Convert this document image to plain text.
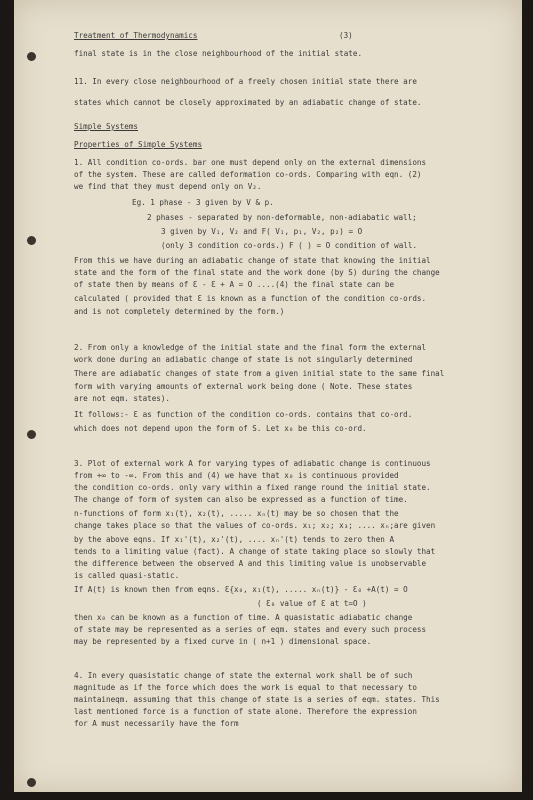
Treatment of Thermodynamics	(3)
final state is in the close neighbourhood of the initial state.
11. In every close neighbourhood of a freely chosen initial state there are
states which cannot be closely approximated by an adiabatic change of state.
Simple Systems
Properties of Simple Systems
1. All condition co-ords. bar one must depend only on the external dimensions
of the system. These are called deformation co-ords. Comparing with eqn. (2)
we find that they must depend only on V₂.
Eg. 1 phase - 3 given by V & p.
2 phases - separated by non-deformable, non-adiabatic wall;
3 given by V₁, V₂ and F( V₁, p₁, V₂, p₂) = O
(only 3 condition co-ords.) F ( ) = O condition of wall.
From this we have during an adiabatic change of state that knowing the initial
state and the form of the final state and the work done (by S) during the change
of state then by means of Ɛ - Ɛ + A = O ....(4) the final state can be
calculated ( provided that Ɛ is known as a function of the condition co-ords.
and is not completely determined by the form.)
2. From only a knowledge of the initial state and the final form the external
work done during an adiabatic change of state is not singularly determined
There are adiabatic changes of state from a given initial state to the same final
form with varying amounts of external work being done ( Note. These states
are not eqm. states).
It follows:- Ɛ as function of the condition co-ords. contains that co-ord.
which does not depend upon the form of S. Let x₀ be this co-ord.
3. Plot of external work A for varying types of adiabatic change is continuous
from +∞ to -∞. From this and (4) we have that x₀ is continuous provided
the condition co-ords. only vary within a fixed range round the initial state.
The change of form of system can also be expressed as a function of time.
n-functions of form x₁(t), x₂(t), ..... xₙ(t) may be so chosen that the
change takes place so that the values of co-ords. x₁; x₂; x₃; .... xₙ;are given
by the above eqns. If x₁'(t), x₂'(t), .... xₙ'(t) tends to zero then A
tends to a limiting value (fact). A change of state taking place so slowly that
the difference between the observed A and this limiting value is unobservable
is called quasi-static.
If A(t) is known then from eqns. Ɛ{x₀, x₁(t), ..... xₙ(t)} - Ɛ₀ +A(t) = O
( Ɛ₀ value of Ɛ at t=O )
then x₀ can be known as a function of time. A quasistatic adiabatic change
of state may be represented as a series of eqm. states and every such process
may be represented by a fixed curve in ( n+1 ) dimensional space.
4. In every quasistatic change of state the external work shall be of such
magnitude as if the force which does the work is equal to that necessary to
maintaineqm. assuming that this change of state is a series of eqm. states. This
last mentioned force is a function of state alone. Therefore the expression
for A must necessarily have the form
